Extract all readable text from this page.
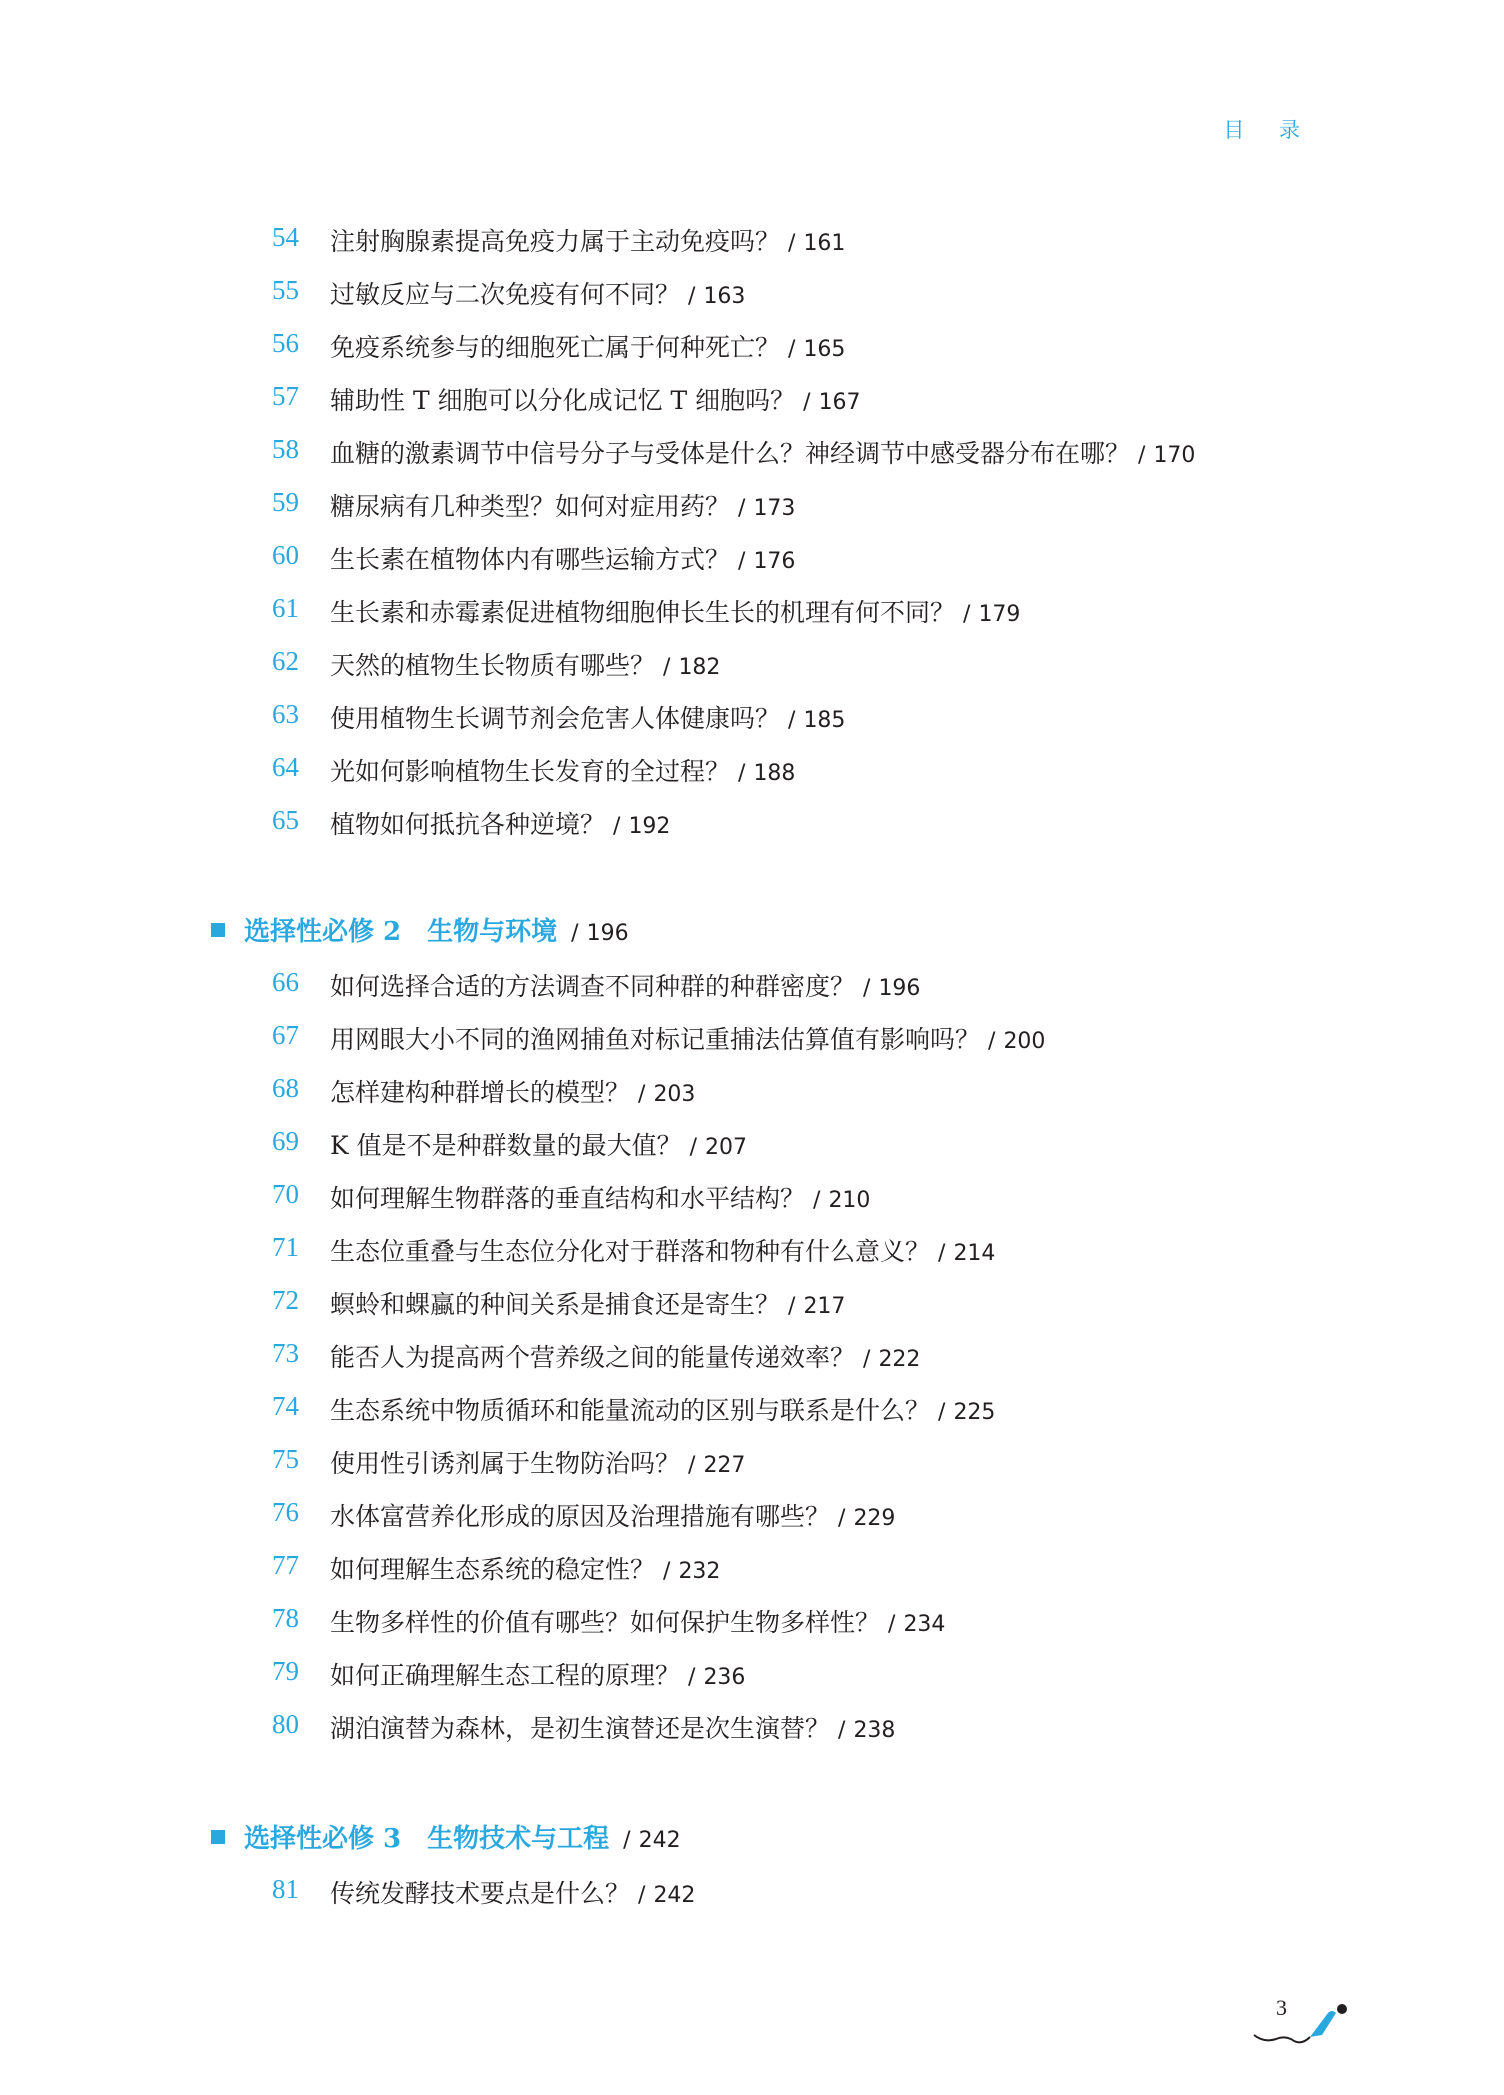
目 录
54 注射胸腺素提高免疫力属于主动免疫吗？ / 161
55 过敏反应与二次免疫有何不同？ / 163
56 免疫系统参与的细胞死亡属于何种死亡？ / 165
57 辅助性 T 细胞可以分化成记忆 T 细胞吗？ / 167
58 血糖的激素调节中信号分子与受体是什么？神经调节中感受器分布在哪？ / 170
59 糖尿病有几种类型？如何对症用药？ / 173
60 生长素在植物体内有哪些运输方式？ / 176
61 生长素和赤霉素促进植物细胞伸长生长的机理有何不同？ / 179
62 天然的植物生长物质有哪些？ / 182
63 使用植物生长调节剂会危害人体健康吗？ / 185
64 光如何影响植物生长发育的全过程？ / 188
65 植物如何抵抗各种逆境？ / 192
选择性必修 2　生物与环境 / 196
66 如何选择合适的方法调查不同种群的种群密度？ / 196
67 用网眼大小不同的渔网捕鱼对标记重捕法估算值有影响吗？ / 200
68 怎样建构种群增长的模型？ / 203
69 K 值是不是种群数量的最大值？ / 207
70 如何理解生物群落的垂直结构和水平结构？ / 210
71 生态位重叠与生态位分化对于群落和物种有什么意义？ / 214
72 螟蛉和蜾蠃的种间关系是捕食还是寄生？ / 217
73 能否人为提高两个营养级之间的能量传递效率？ / 222
74 生态系统中物质循环和能量流动的区别与联系是什么？ / 225
75 使用性引诱剂属于生物防治吗？ / 227
76 水体富营养化形成的原因及治理措施有哪些？ / 229
77 如何理解生态系统的稳定性？ / 232
78 生物多样性的价值有哪些？如何保护生物多样性？ / 234
79 如何正确理解生态工程的原理？ / 236
80 湖泊演替为森林，是初生演替还是次生演替？ / 238
选择性必修 3　生物技术与工程 / 242
81 传统发酵技术要点是什么？ / 242
3
